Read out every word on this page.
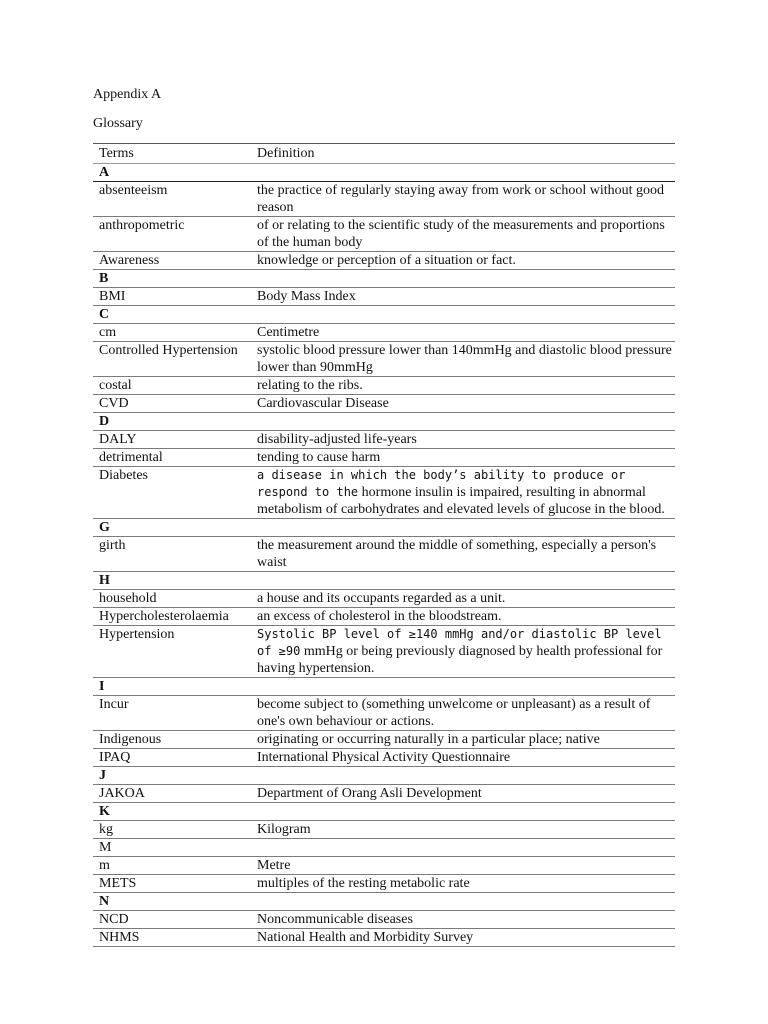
Appendix A

Glossary

Terms	Definition
A	
absenteeism	the practice of regularly staying away from work or school without good reason
anthropometric	of or relating to the scientific study of the measurements and proportions of the human body
Awareness	knowledge or perception of a situation or fact.
B	
BMI	Body Mass Index
C	
cm	Centimetre
Controlled Hypertension	systolic blood pressure lower than 140mmHg and diastolic blood pressure lower than 90mmHg
costal	relating to the ribs.
CVD	Cardiovascular Disease
D	
DALY	disability-adjusted life-years
detrimental	tending to cause harm
Diabetes	a disease in which the body’s ability to produce or respond to the hormone insulin is impaired, resulting in abnormal metabolism of carbohydrates and elevated levels of glucose in the blood.
G	
girth	the measurement around the middle of something, especially a person's waist
H	
household	a house and its occupants regarded as a unit.
Hypercholesterolaemia	an excess of cholesterol in the bloodstream.
Hypertension	Systolic BP level of ≥140 mmHg and/or diastolic BP level of ≥90 mmHg or being previously diagnosed by health professional for having hypertension.
I	
Incur	become subject to (something unwelcome or unpleasant) as a result of one's own behaviour or actions.
Indigenous	originating or occurring naturally in a particular place; native
IPAQ	International Physical Activity Questionnaire
J	
JAKOA	Department of Orang Asli Development
K	
kg	Kilogram
M	
m	Metre
METS	multiples of the resting metabolic rate
N	
NCD	Noncommunicable diseases
NHMS	National Health and Morbidity Survey
